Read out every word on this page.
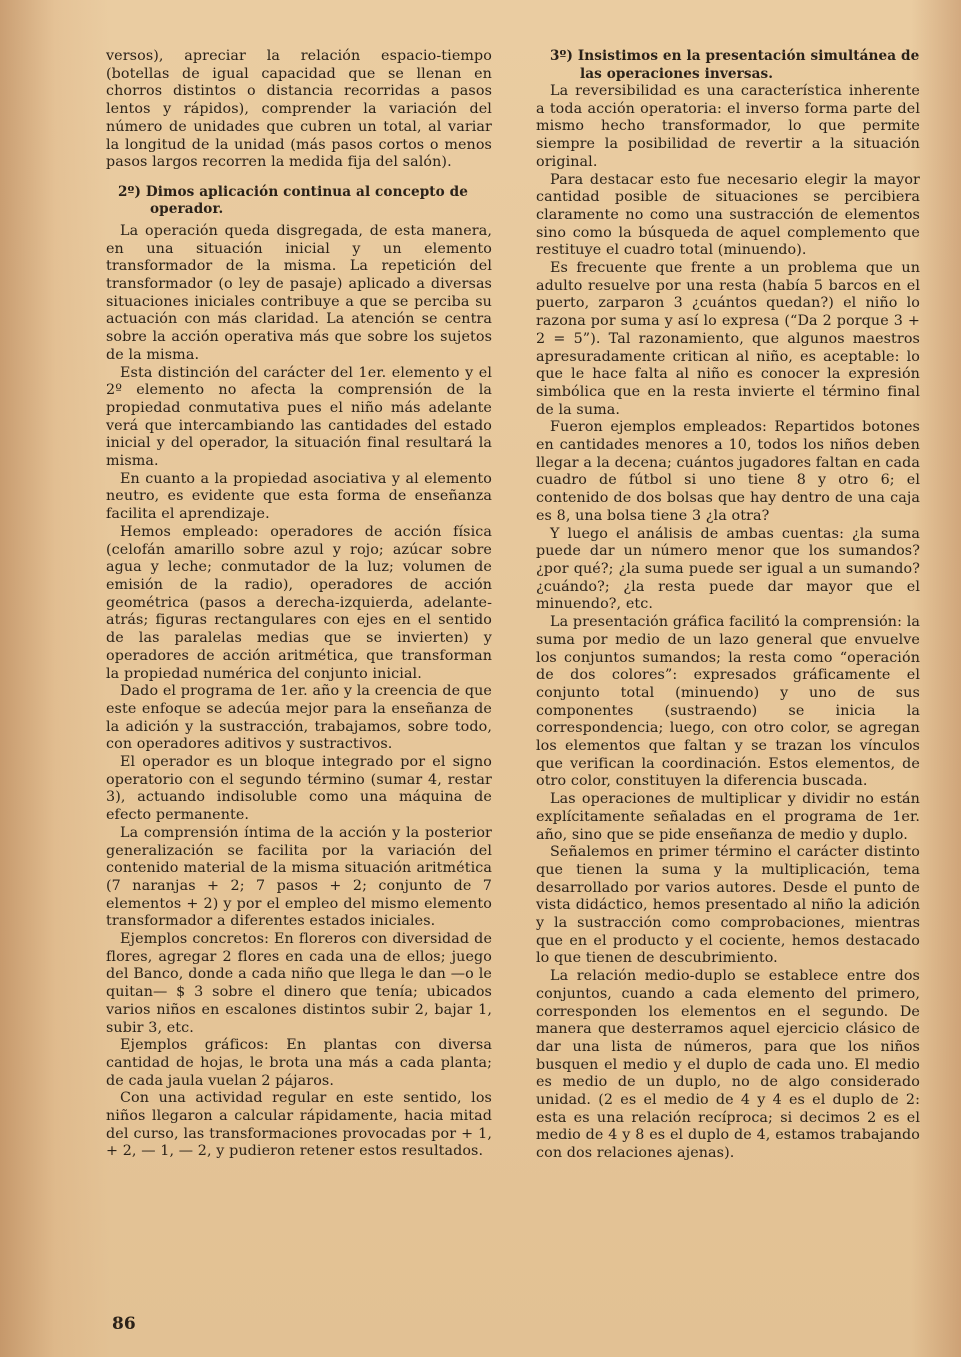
versos), apreciar la relación espacio-tiempo (botellas de igual capacidad que se llenan en chorros distintos o distancia recorridas a pasos lentos y rápidos), comprender la variación del número de unidades que cubren un total, al variar la longitud de la unidad (más pasos cortos o menos pasos largos recorren la medida fija del salón).

2º) Dimos aplicación continua al concepto de operador.

La operación queda disgregada, de esta manera, en una situación inicial y un elemento transformador de la misma. La repetición del transformador (o ley de pasaje) aplicado a diversas situaciones iniciales contribuye a que se perciba su actuación con más claridad. La atención se centra sobre la acción operativa más que sobre los sujetos de la misma.

Esta distinción del carácter del 1er. elemento y el 2º elemento no afecta la comprensión de la propiedad conmutativa pues el niño más adelante verá que intercambiando las cantidades del estado inicial y del operador, la situación final resultará la misma.

En cuanto a la propiedad asociativa y al elemento neutro, es evidente que esta forma de enseñanza facilita el aprendizaje.

Hemos empleado: operadores de acción física (celofán amarillo sobre azul y rojo; azúcar sobre agua y leche; conmutador de la luz; volumen de emisión de la radio), operadores de acción geométrica (pasos a derecha-izquierda, adelante-atrás; figuras rectangulares con ejes en el sentido de las paralelas medias que se invierten) y operadores de acción aritmética, que transforman la propiedad numérica del conjunto inicial.

Dado el programa de 1er. año y la creencia de que este enfoque se adecúa mejor para la enseñanza de la adición y la sustracción, trabajamos, sobre todo, con operadores aditivos y sustractivos.

El operador es un bloque integrado por el signo operatorio con el segundo término (sumar 4, restar 3), actuando indisoluble como una máquina de efecto permanente.

La comprensión íntima de la acción y la posterior generalización se facilita por la variación del contenido material de la misma situación aritmética (7 naranjas + 2; 7 pasos + 2; conjunto de 7 elementos + 2) y por el empleo del mismo elemento transformador a diferentes estados iniciales.

Ejemplos concretos: En floreros con diversidad de flores, agregar 2 flores en cada una de ellos; juego del Banco, donde a cada niño que llega le dan —o le quitan— $ 3 sobre el dinero que tenía; ubicados varios niños en escalones distintos subir 2, bajar 1, subir 3, etc.

Ejemplos gráficos: En plantas con diversa cantidad de hojas, le brota una más a cada planta; de cada jaula vuelan 2 pájaros.

Con una actividad regular en este sentido, los niños llegaron a calcular rápidamente, hacia mitad del curso, las transformaciones provocadas por + 1, + 2, — 1, — 2, y pudieron retener estos resultados.

3º) Insistimos en la presentación simultánea de las operaciones inversas.

La reversibilidad es una característica inherente a toda acción operatoria: el inverso forma parte del mismo hecho transformador, lo que permite siempre la posibilidad de revertir a la situación original.

Para destacar esto fue necesario elegir la mayor cantidad posible de situaciones se percibiera claramente no como una sustracción de elementos sino como la búsqueda de aquel complemento que restituye el cuadro total (minuendo).

Es frecuente que frente a un problema que un adulto resuelve por una resta (había 5 barcos en el puerto, zarparon 3 ¿cuántos quedan?) el niño lo razona por suma y así lo expresa (“Da 2 porque 3 + 2 = 5”). Tal razonamiento, que algunos maestros apresuradamente critican al niño, es aceptable: lo que le hace falta al niño es conocer la expresión simbólica que en la resta invierte el término final de la suma.

Fueron ejemplos empleados: Repartidos botones en cantidades menores a 10, todos los niños deben llegar a la decena; cuántos jugadores faltan en cada cuadro de fútbol si uno tiene 8 y otro 6; el contenido de dos bolsas que hay dentro de una caja es 8, una bolsa tiene 3 ¿la otra?

Y luego el análisis de ambas cuentas: ¿la suma puede dar un número menor que los sumandos? ¿por qué?; ¿la suma puede ser igual a un sumando? ¿cuándo?; ¿la resta puede dar mayor que el minuendo?, etc.

La presentación gráfica facilitó la comprensión: la suma por medio de un lazo general que envuelve los conjuntos sumandos; la resta como “operación de dos colores”: expresados gráficamente el conjunto total (minuendo) y uno de sus componentes (sustraendo) se inicia la correspondencia; luego, con otro color, se agregan los elementos que faltan y se trazan los vínculos que verifican la coordinación. Estos elementos, de otro color, constituyen la diferencia buscada.

Las operaciones de multiplicar y dividir no están explícitamente señaladas en el programa de 1er. año, sino que se pide enseñanza de medio y duplo.

Señalemos en primer término el carácter distinto que tienen la suma y la multiplicación, tema desarrollado por varios autores. Desde el punto de vista didáctico, hemos presentado al niño la adición y la sustracción como comprobaciones, mientras que en el producto y el cociente, hemos destacado lo que tienen de descubrimiento.

La relación medio-duplo se establece entre dos conjuntos, cuando a cada elemento del primero, corresponden los elementos en el segundo. De manera que desterramos aquel ejercicio clásico de dar una lista de números, para que los niños busquen el medio y el duplo de cada uno. El medio es medio de un duplo, no de algo considerado unidad. (2 es el medio de 4 y 4 es el duplo de 2: esta es una relación recíproca; si decimos 2 es el medio de 4 y 8 es el duplo de 4, estamos trabajando con dos relaciones ajenas).

86
